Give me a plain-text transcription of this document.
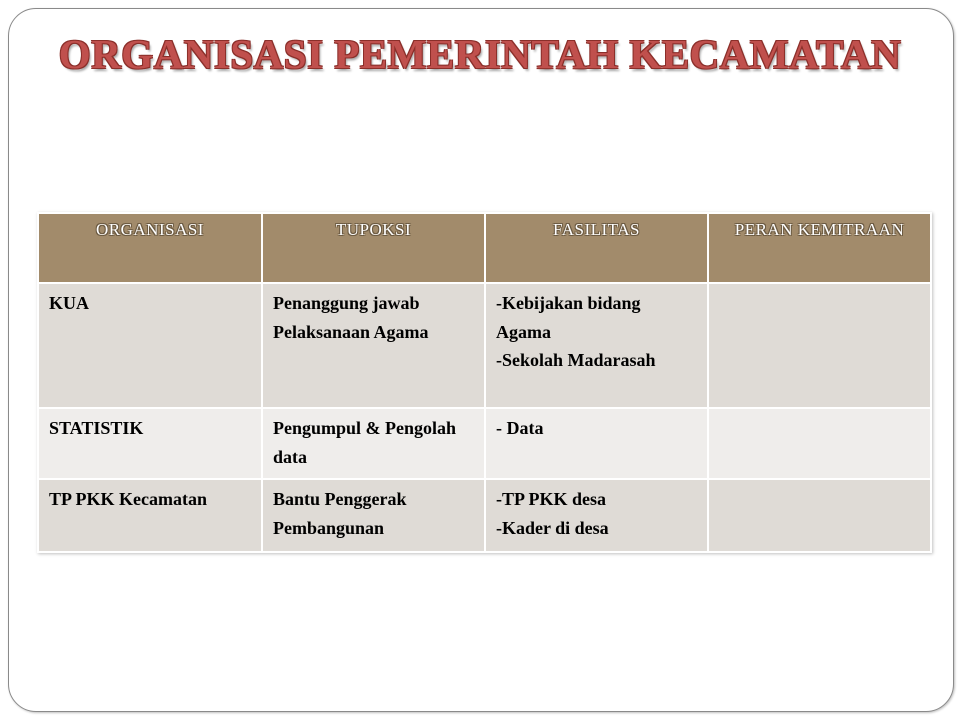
ORGANISASI PEMERINTAH KECAMATAN
ORGANISASI	TUPOKSI	FASILITAS	PERAN KEMITRAAN
KUA	Penanggung jawab Pelaksanaan Agama	-Kebijakan bidang Agama
-Sekolah Madarasah	

STATISTIK	Pengumpul & Pengolah data	- Data	

TP PKK Kecamatan	Bantu Penggerak Pembangunan	-TP PKK desa
-Kader di desa	
